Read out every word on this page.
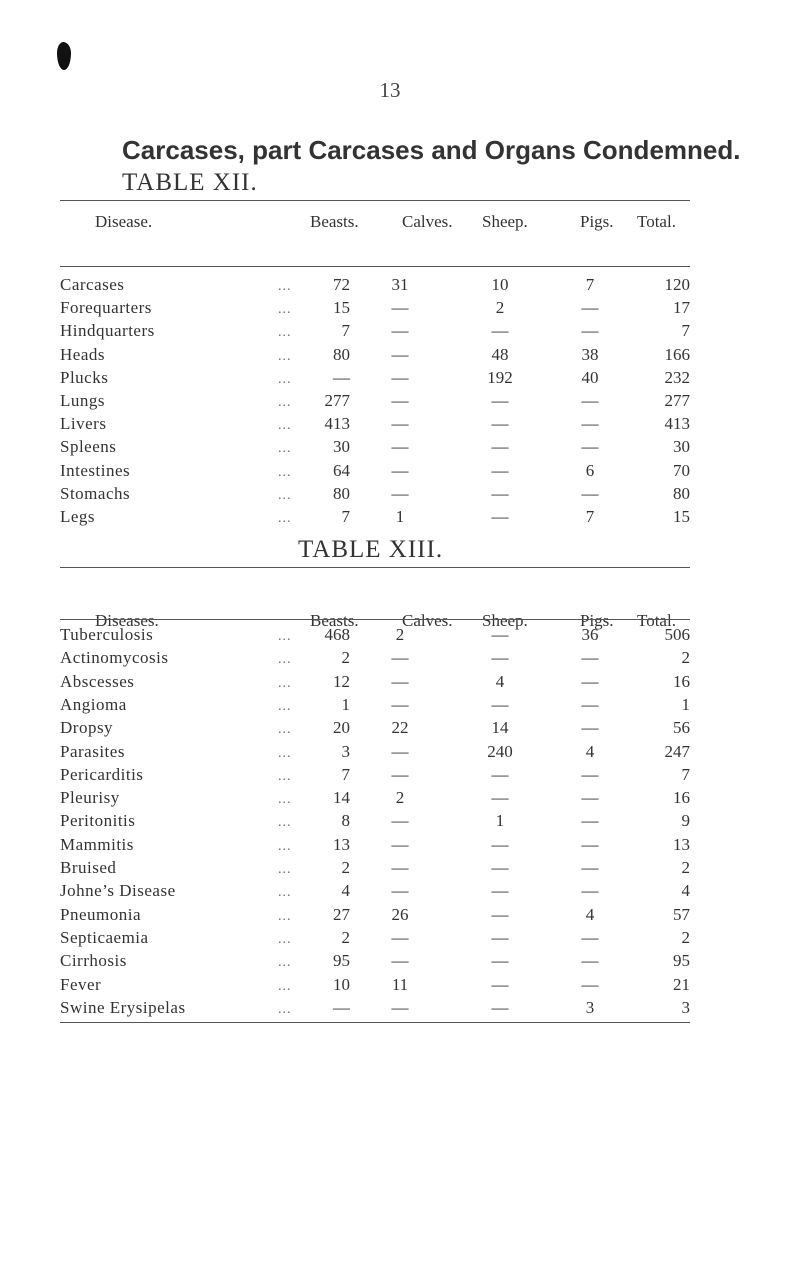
13
Carcases, part Carcases and Organs Condemned.
TABLE XII.
Disease.	Beasts.	Calves. Sheep.	Pigs. Total.
Carcases	...	72	31	10	7	120
Forequarters	...	15	—	2	—	17
Hindquarters	...	7	—	—	—	7
Heads	...	80	—	48	38	166
Plucks	...	—	—	192	40	232
Lungs	...	277	—	—	—	277
Livers	...	413	—	—	—	413
Spleens	...	30	—	—	—	30
Intestines	...	64	—	—	6	70
Stomachs	...	80	—	—	—	80
Legs	...	7	1	—	7	15
TABLE XIII.
Diseases.	Beasts.	Calves. Sheep.	Pigs. Total.
Tuberculosis	...	468	2	—	36	506
Actinomycosis	...	2	—	—	—	2
Abscesses	...	12	—	4	—	16
Angioma	...	1	—	—	—	1
Dropsy	...	20	22	14	—	56
Parasites	...	3	—	240	4	247
Pericarditis	...	7	—	—	—	7
Pleurisy	...	14	2	—	—	16
Peritonitis	...	8	—	1	—	9
Mammitis	...	13	—	—	—	13
Bruised	...	2	—	—	—	2
Johne’s Disease	...	4	—	—	—	4
Pneumonia	...	27	26	—	4	57
Septicaemia	...	2	—	—	—	2
Cirrhosis	...	95	—	—	—	95
Fever	...	10	11	—	—	21
Swine Erysipelas	...	—	—	—	3	3
